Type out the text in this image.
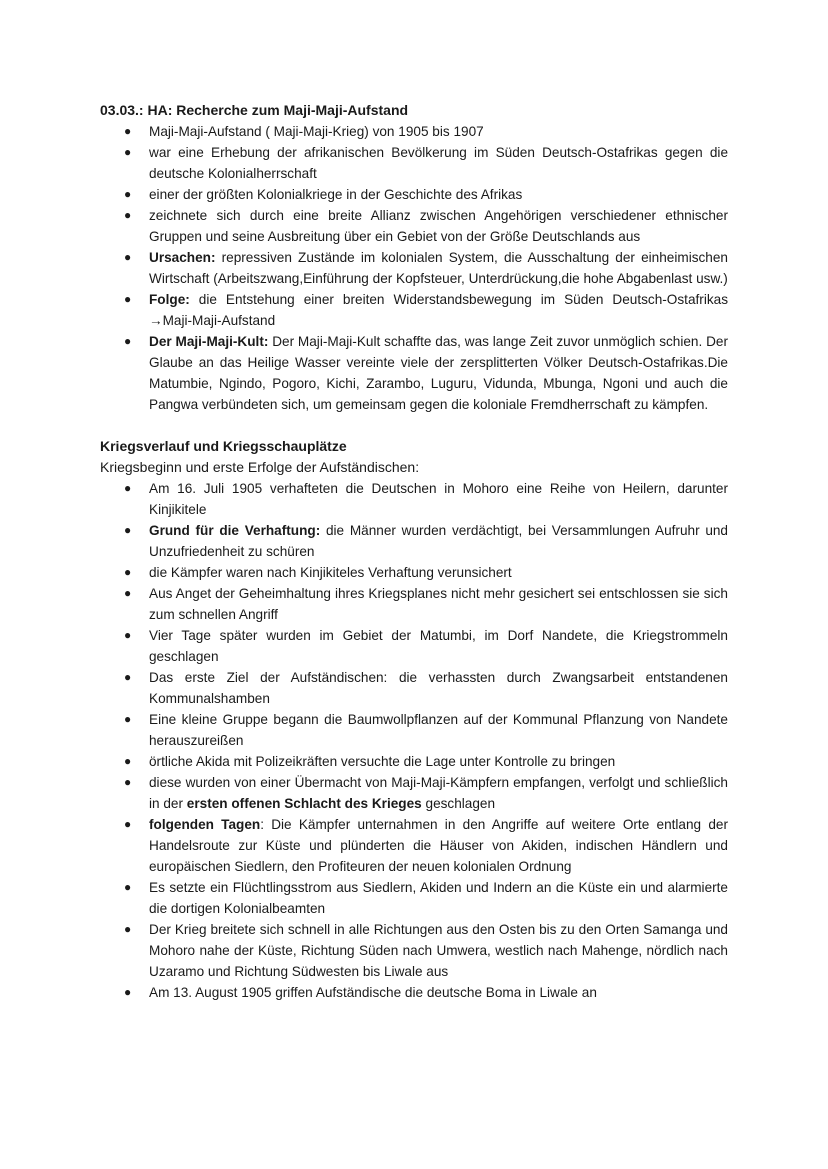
03.03.: HA: Recherche zum Maji-Maji-Aufstand
● Maji-Maji-Aufstand ( Maji-Maji-Krieg) von 1905 bis 1907
● war eine Erhebung der afrikanischen Bevölkerung im Süden Deutsch-Ostafrikas gegen die deutsche Kolonialherrschaft
● einer der größten Kolonialkriege in der Geschichte des Afrikas
● zeichnete sich durch eine breite Allianz zwischen Angehörigen verschiedener ethnischer Gruppen und seine Ausbreitung über ein Gebiet von der Größe Deutschlands aus
● Ursachen: repressiven Zustände im kolonialen System, die Ausschaltung der einheimischen Wirtschaft (Arbeitszwang,Einführung der Kopfsteuer, Unterdrückung,die hohe Abgabenlast usw.)
● Folge: die Entstehung einer breiten Widerstandsbewegung im Süden Deutsch-Ostafrikas →Maji-Maji-Aufstand
● Der Maji-Maji-Kult: Der Maji-Maji-Kult schaffte das, was lange Zeit zuvor unmöglich schien. Der Glaube an das Heilige Wasser vereinte viele der zersplitterten Völker Deutsch-Ostafrikas.Die Matumbie, Ngindo, Pogoro, Kichi, Zarambo, Luguru, Vidunda, Mbunga, Ngoni und auch die Pangwa verbündeten sich, um gemeinsam gegen die koloniale Fremdherrschaft zu kämpfen.
Kriegsverlauf und Kriegsschauplätze
Kriegsbeginn und erste Erfolge der Aufständischen:
● Am 16. Juli 1905 verhafteten die Deutschen in Mohoro eine Reihe von Heilern, darunter Kinjikitele
● Grund für die Verhaftung: die Männer wurden verdächtigt, bei Versammlungen Aufruhr und Unzufriedenheit zu schüren
● die Kämpfer waren nach Kinjikiteles Verhaftung verunsichert
● Aus Anget der Geheimhaltung ihres Kriegsplanes nicht mehr gesichert sei entschlossen sie sich zum schnellen Angriff
● Vier Tage später wurden im Gebiet der Matumbi, im Dorf Nandete, die Kriegstrommeln geschlagen
● Das erste Ziel der Aufständischen: die verhassten durch Zwangsarbeit entstandenen Kommunalshamben
● Eine kleine Gruppe begann die Baumwollpflanzen auf der Kommunal Pflanzung von Nandete herauszureißen
● örtliche Akida mit Polizeikräften versuchte die Lage unter Kontrolle zu bringen
● diese wurden von einer Übermacht von Maji-Maji-Kämpfern empfangen, verfolgt und schließlich in der ersten offenen Schlacht des Krieges geschlagen
● folgenden Tagen: Die Kämpfer unternahmen in den Angriffe auf weitere Orte entlang der Handelsroute zur Küste und plünderten die Häuser von Akiden, indischen Händlern und europäischen Siedlern, den Profiteuren der neuen kolonialen Ordnung
● Es setzte ein Flüchtlingsstrom aus Siedlern, Akiden und Indern an die Küste ein und alarmierte die dortigen Kolonialbeamten
● Der Krieg breitete sich schnell in alle Richtungen aus den Osten bis zu den Orten Samanga und Mohoro nahe der Küste, Richtung Süden nach Umwera, westlich nach Mahenge, nördlich nach Uzaramo und Richtung Südwesten bis Liwale aus
● Am 13. August 1905 griffen Aufständische die deutsche Boma in Liwale an
